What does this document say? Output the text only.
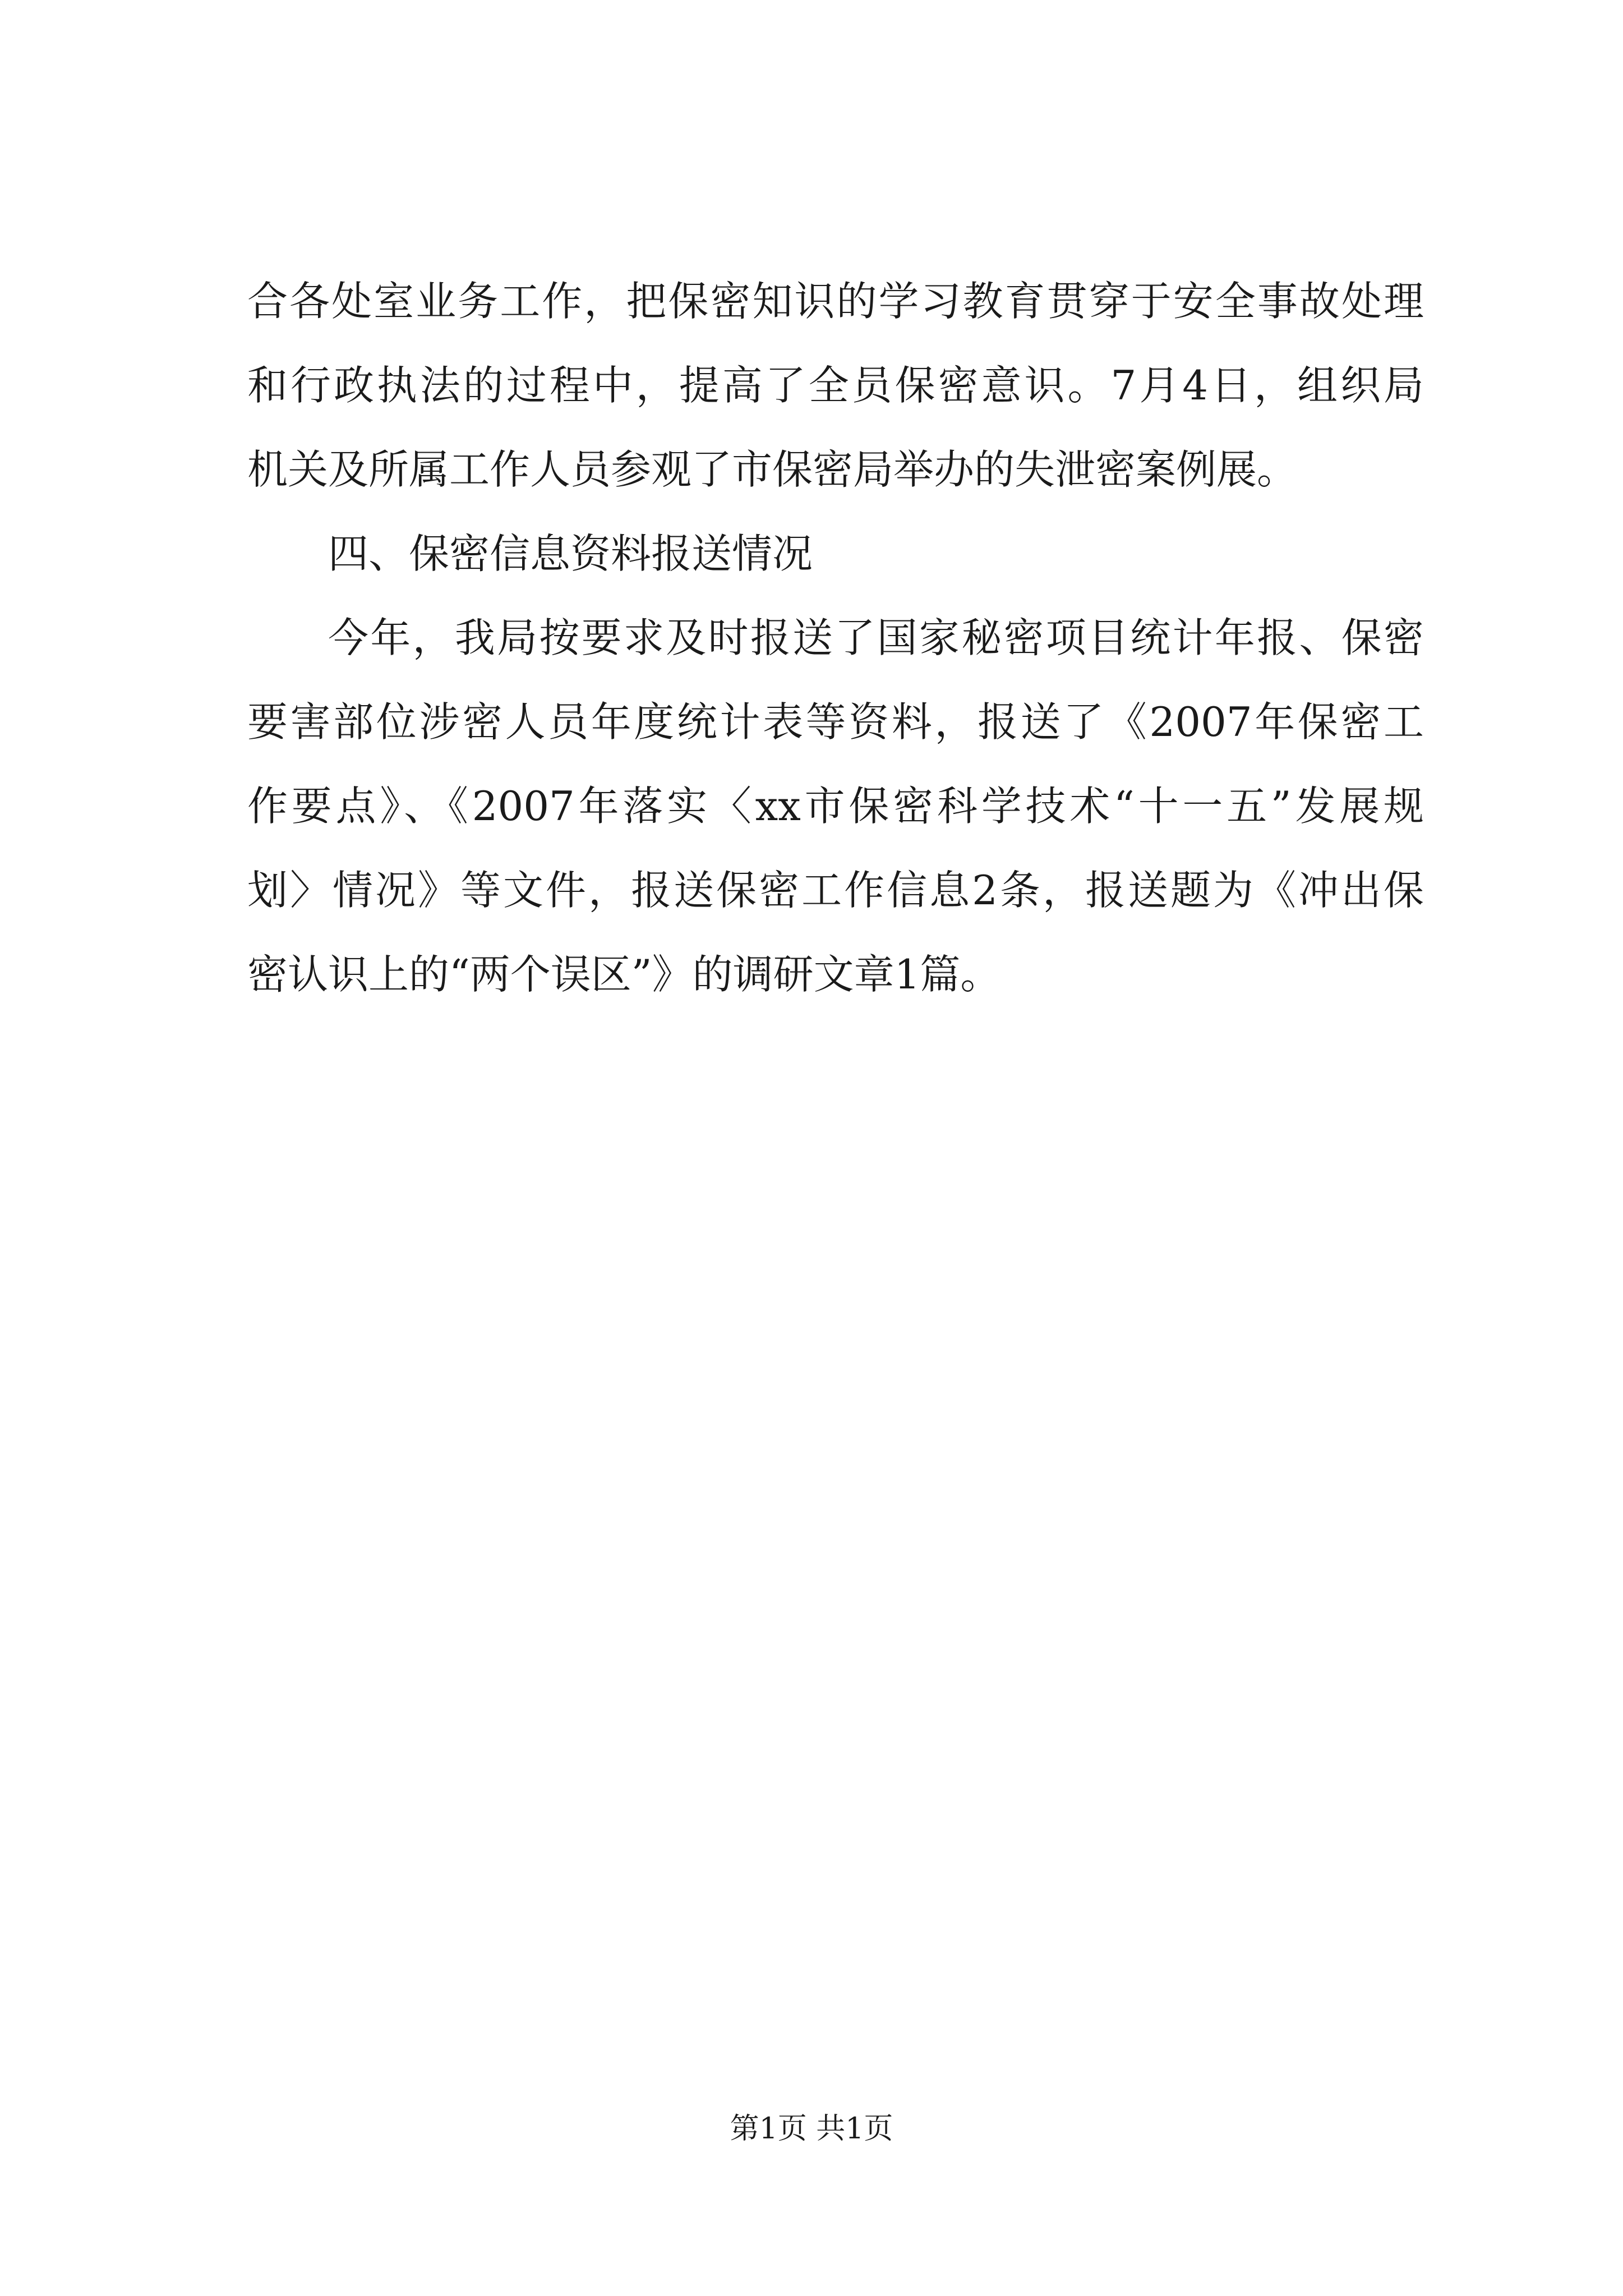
合各处室业务工作，把保密知识的学习教育贯穿于安全事故处理
和行政执法的过程中，提高了全员保密意识。7月4日，组织局
机关及所属工作人员参观了市保密局举办的失泄密案例展。
四、保密信息资料报送情况
今年，我局按要求及时报送了国家秘密项目统计年报、保密
要害部位涉密人员年度统计表等资料，报送了《2007年保密工
作要点》、《2007年落实〈xx市保密科学技术“十一五”发展规
划〉情况》等文件，报送保密工作信息2条，报送题为《冲出保
密认识上的“两个误区”》的调研文章1篇。
第1页 共1页
